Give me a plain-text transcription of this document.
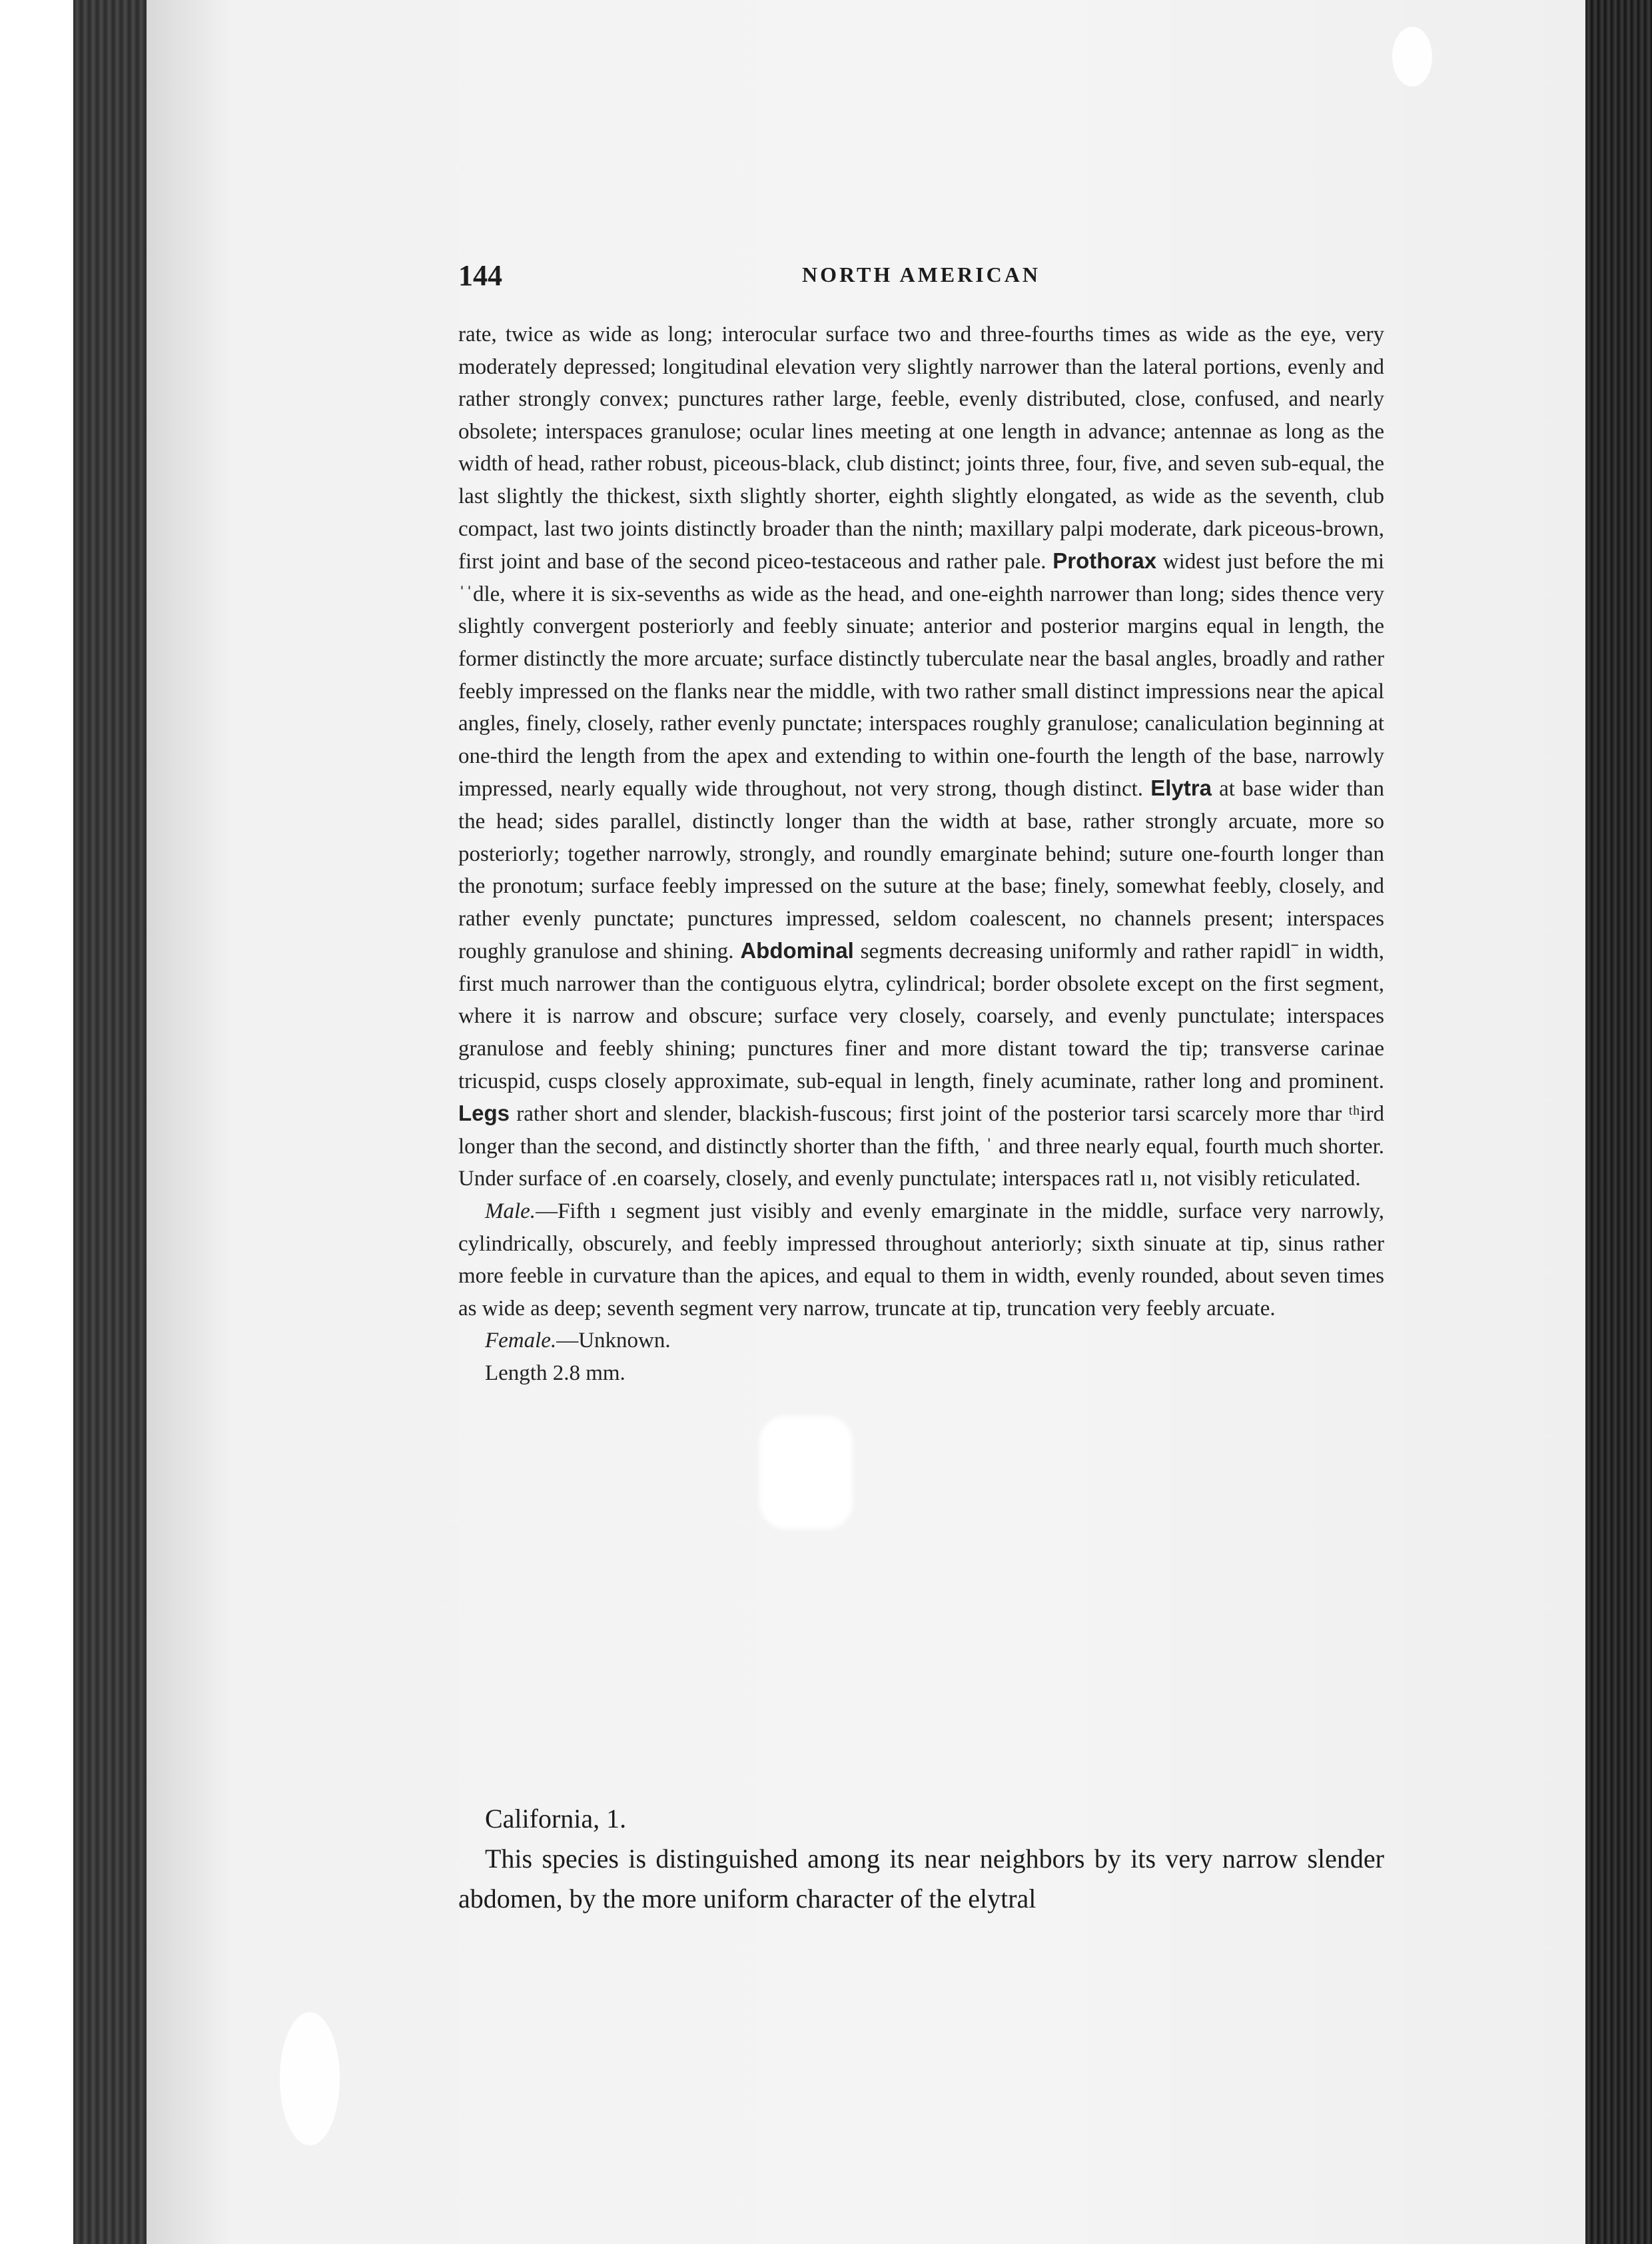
144	NORTH AMERICAN

rate, twice as wide as long; interocular surface two and three-fourths times as wide as the eye, very moderately depressed; longitudinal elevation very slightly narrower than the lateral portions, evenly and rather strongly convex; punctures rather large, feeble, evenly distributed, close, confused, and nearly obsolete; interspaces granulose; ocular lines meeting at one length in advance; antennae as long as the width of head, rather robust, piceous-black, club distinct; joints three, four, five, and seven sub-equal, the last slightly the thickest, sixth slightly shorter, eighth slightly elongated, as wide as the seventh, club compact, last two joints distinctly broader than the ninth; maxillary palpi moderate, dark piceous-brown, first joint and base of the second piceo-testaceous and rather pale. Prothorax widest just before the miˈˈdle, where it is six-sevenths as wide as the head, and one-eighth narrower than long; sides thence very slightly convergent posteriorly and feebly sinuate; anterior and posterior margins equal in length, the former distinctly the more arcuate; surface distinctly tuberculate near the basal angles, broadly and rather feebly impressed on the flanks near the middle, with two rather small distinct impressions near the apical angles, finely, closely, rather evenly punctate; interspaces roughly granulose; canaliculation beginning at one-third the length from the apex and extending to within one-fourth the length of the base, narrowly impressed, nearly equally wide throughout, not very strong, though distinct. Elytra at base wider than the head; sides parallel, distinctly longer than the width at base, rather strongly arcuate, more so posteriorly; together narrowly, strongly, and roundly emarginate behind; suture one-fourth longer than the pronotum; surface feebly impressed on the suture at the base; finely, somewhat feebly, closely, and rather evenly punctate; punctures impressed, seldom coalescent, no channels present; interspaces roughly granulose and shining. Abdominal segments decreasing uniformly and rather rapidlˉ in width, first much narrower than the contiguous elytra, cylindrical; border obsolete except on the first segment, where it is narrow and obscure; surface very closely, coarsely, and evenly punctulate; interspaces granulose and feebly shining; punctures finer and more distant toward the tip; transverse carinae tricuspid, cusps closely approximate, sub-equal in length, finely acuminate, rather long and prominent. Legs rather short and slender, blackish-fuscous; first joint of the posterior tarsi scarcely more thar ᵗʰird longer than the second, and distinctly shorter than the fifth, ˈ and three nearly equal, fourth much shorter. Under surface of .en coarsely, closely, and evenly punctulate; interspaces ratl ıı, not visibly reticulated.

Male.—Fifth ı segment just visibly and evenly emarginate in the middle, surface very narrowly, cylindrically, obscurely, and feebly impressed throughout anteriorly; sixth sinuate at tip, sinus rather more feeble in curvature than the apices, and equal to them in width, evenly rounded, about seven times as wide as deep; seventh segment very narrow, truncate at tip, truncation very feebly arcuate.

Female.—Unknown.

Length 2.8 mm.

California, 1.

This species is distinguished among its near neighbors by its very narrow slender abdomen, by the more uniform character of the elytral
